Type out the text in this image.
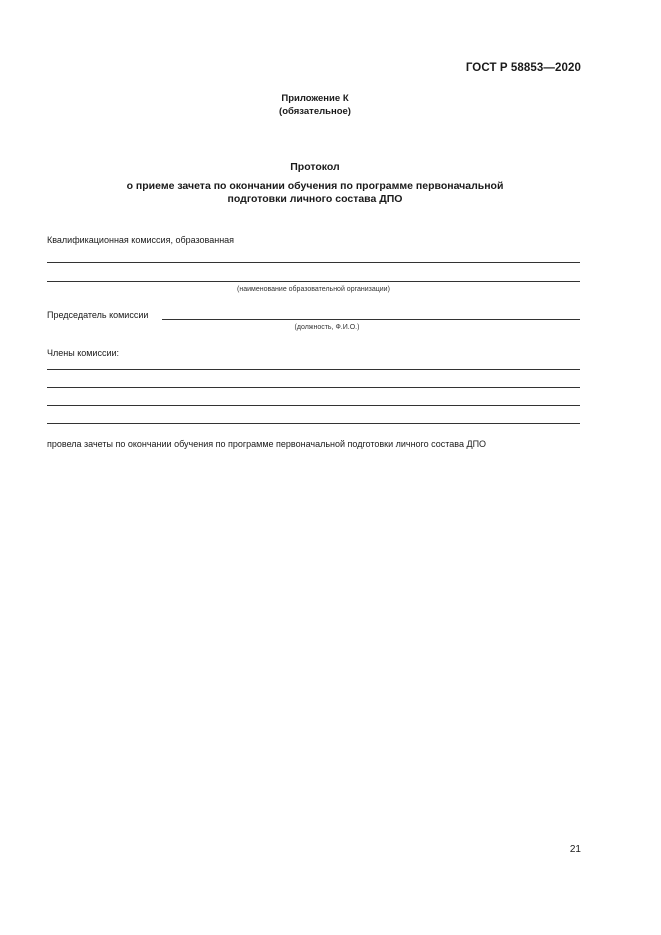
ГОСТ Р 58853—2020
Приложение К
(обязательное)
Протокол
о приеме зачета по окончании обучения по программе первоначальной
подготовки личного состава ДПО
Квалификационная комиссия, образованная
(наименование образовательной организации)
Председатель комиссии
(должность, Ф.И.О.)
Члены комиссии:
провела зачеты по окончании обучения по программе первоначальной подготовки личного состава ДПО
21
